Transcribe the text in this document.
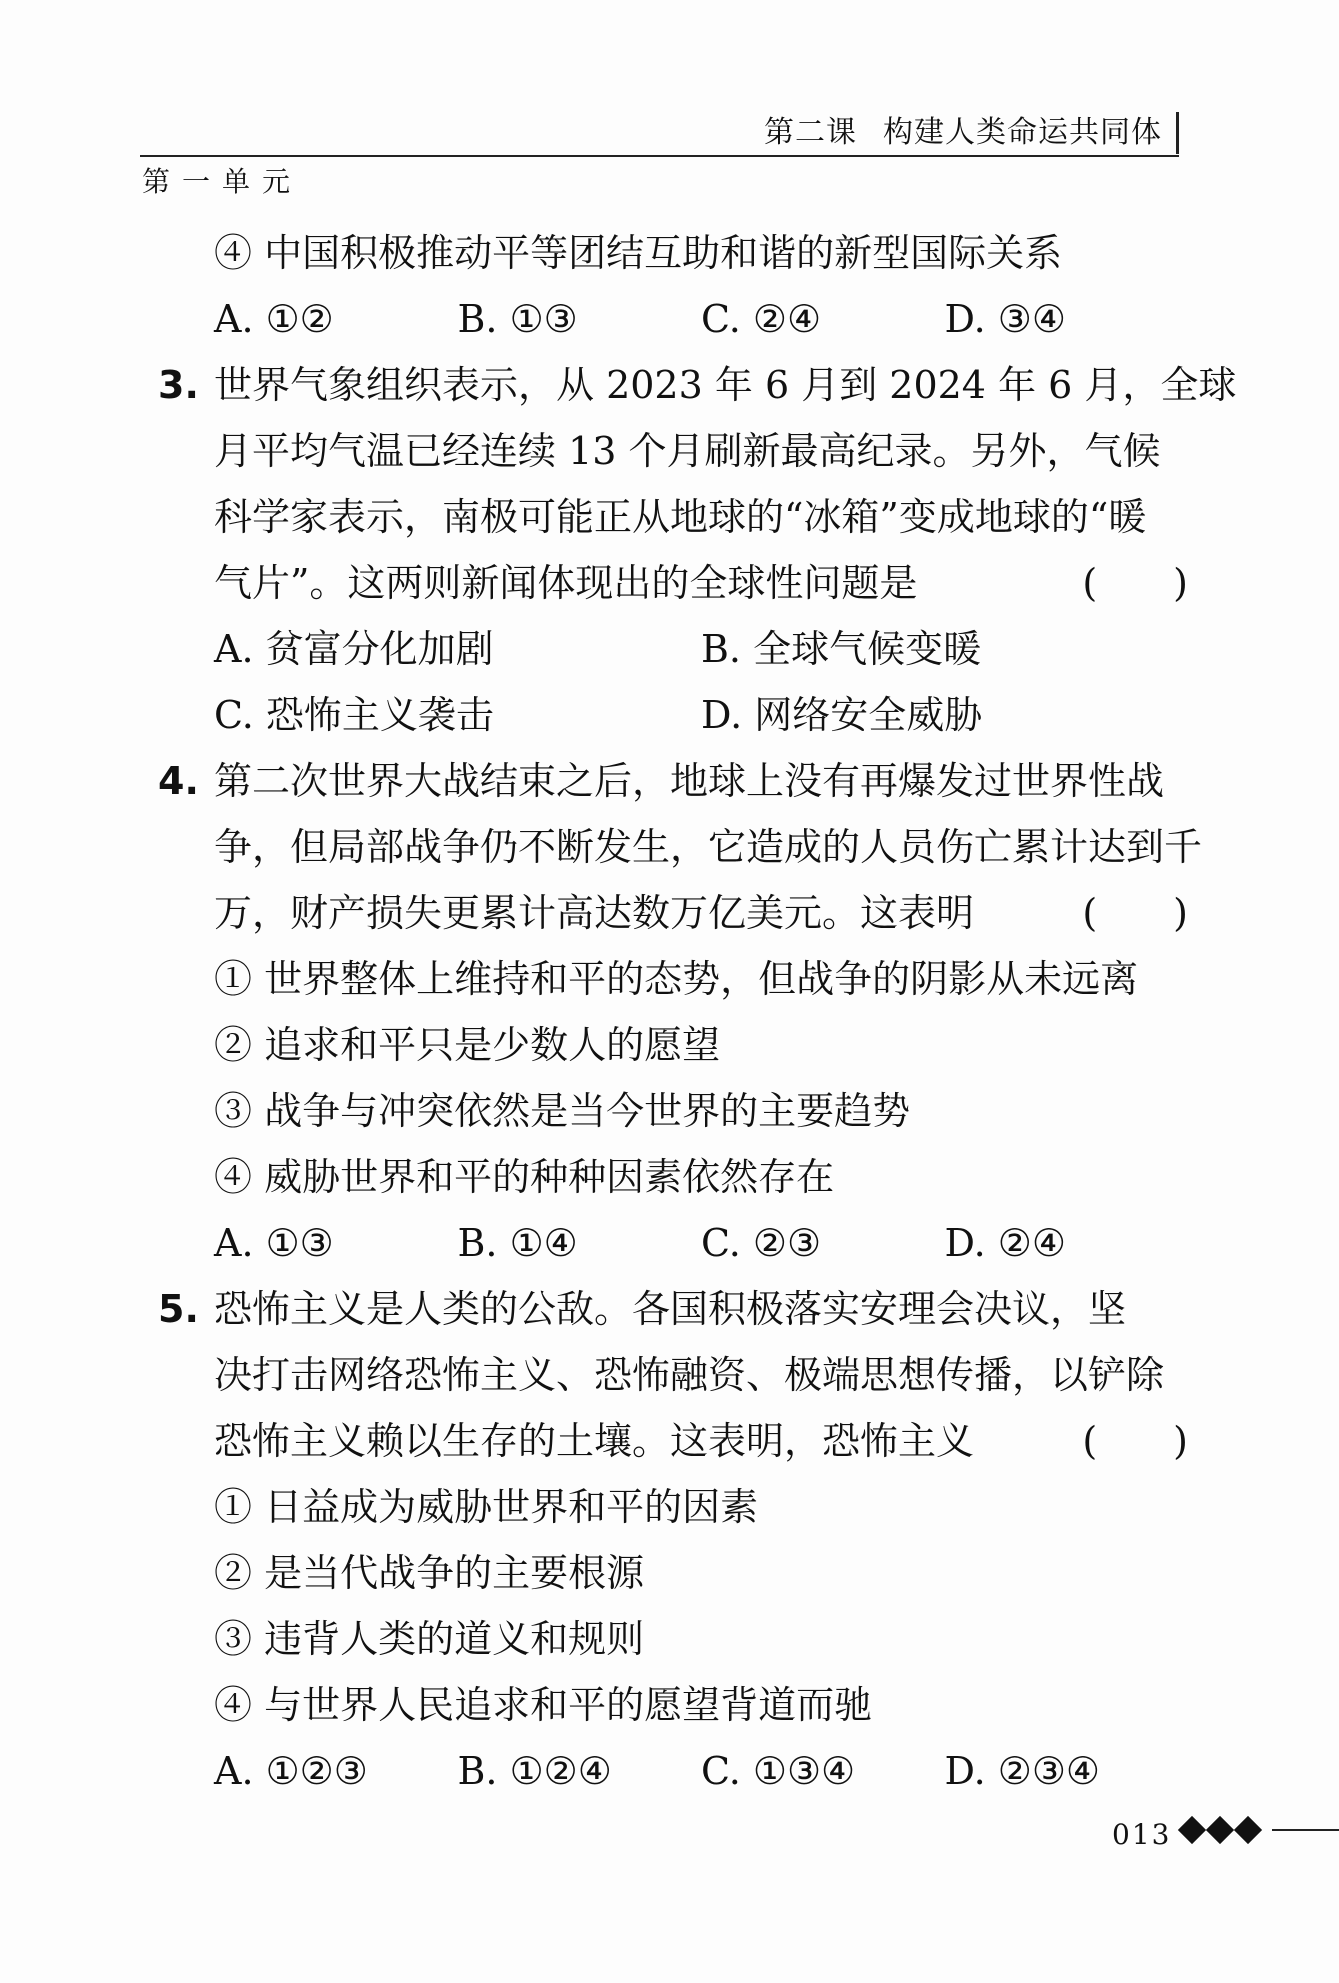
第二课 构建人类命运共同体
第一单元
④ 中国积极推动平等团结互助和谐的新型国际关系
A. ①②	B. ①③	C. ②④	D. ③④
3. 世界气象组织表示，从 2023 年 6 月到 2024 年 6 月，全球
月平均气温已经连续 13 个月刷新最高纪录。另外，气候
科学家表示，南极可能正从地球的“冰箱”变成地球的“暖
气片”。这两则新闻体现出的全球性问题是	(　　)
A. 贫富分化加剧	B. 全球气候变暖
C. 恐怖主义袭击	D. 网络安全威胁
4. 第二次世界大战结束之后，地球上没有再爆发过世界性战
争，但局部战争仍不断发生，它造成的人员伤亡累计达到千
万，财产损失更累计高达数万亿美元。这表明	(　　)
① 世界整体上维持和平的态势，但战争的阴影从未远离
② 追求和平只是少数人的愿望
③ 战争与冲突依然是当今世界的主要趋势
④ 威胁世界和平的种种因素依然存在
A. ①③	B. ①④	C. ②③	D. ②④
5. 恐怖主义是人类的公敌。各国积极落实安理会决议，坚
决打击网络恐怖主义、恐怖融资、极端思想传播，以铲除
恐怖主义赖以生存的土壤。这表明，恐怖主义	(　　)
① 日益成为威胁世界和平的因素
② 是当代战争的主要根源
③ 违背人类的道义和规则
④ 与世界人民追求和平的愿望背道而驰
A. ①②③	B. ①②④	C. ①③④	D. ②③④
013
